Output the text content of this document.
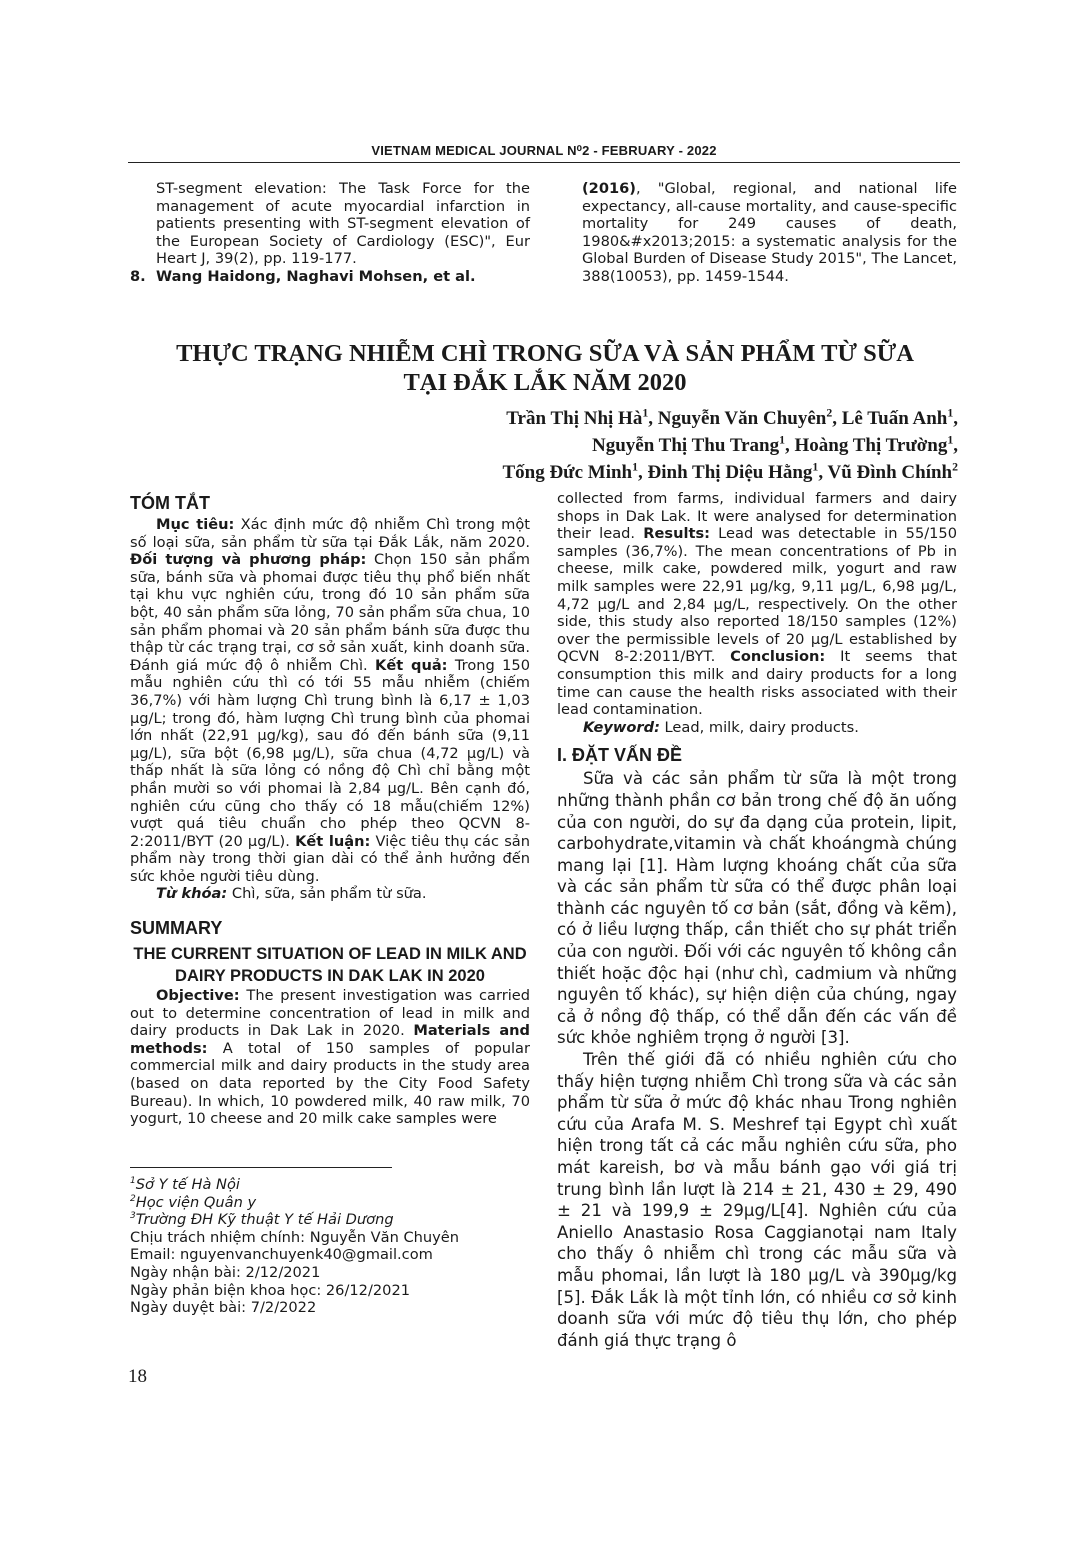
VIETNAM MEDICAL JOURNAL N⁰2 - FEBRUARY - 2022

ST-segment elevation: The Task Force for the management of acute myocardial infarction in patients presenting with ST-segment elevation of the European Society of Cardiology (ESC)", Eur Heart J, 39(2), pp. 119-177.

8. Wang Haidong, Naghavi Mohsen, et al.

(2016), "Global, regional, and national life expectancy, all-cause mortality, and cause-specific mortality for 249 causes of death, 1980&#x2013;2015: a systematic analysis for the Global Burden of Disease Study 2015", The Lancet, 388(10053), pp. 1459-1544.

THỰC TRẠNG NHIỄM CHÌ TRONG SỮA VÀ SẢN PHẨM TỪ SỮA
TẠI ĐẮK LẮK NĂM 2020
Trần Thị Nhị $Hà^1$, Nguyễn Văn Chuyên$^2$, Lê Tuấn Anh$^1$,
Nguyễn Thị Thu Trang$^1$, Hoàng Thị Trường$^1$,
Tống Đức Minh$^1$, Đinh Thị Diệu Hằng$^1$, Vũ Đình Chính$^2$
TÓM TẮT

Mục tiêu: Xác định mức độ nhiễm Chì trong một số loại sữa, sản phẩm từ sữa tại Đắk Lắk, năm 2020. Đối tượng và phương pháp: Chọn 150 sản phẩm sữa, bánh sữa và phomai được tiêu thụ phổ biến nhất tại khu vực nghiên cứu, trong đó 10 sản phẩm sữa bột, 40 sản phẩm sữa lỏng, 70 sản phẩm sữa chua, 10 sản phẩm phomai và 20 sản phẩm bánh sữa được thu thập từ các trạng trại, cơ sở sản xuất, kinh doanh sữa. Đánh giá mức độ ô nhiễm Chì. Kết quả: Trong 150 mẫu nghiên cứu thì có tới 55 mẫu nhiễm (chiếm 36,7%) với hàm lượng Chì trung bình là 6,17 ± 1,03 µg/L; trong đó, hàm lượng Chì trung bình của phomai lớn nhất (22,91 µg/kg), sau đó đến bánh sữa (9,11 µg/L), sữa bột (6,98 µg/L), sữa chua (4,72 µg/L) và thấp nhất là sữa lỏng có nồng độ Chì chỉ bằng một phần mười so với phomai là 2,84 µg/L. Bên cạnh đó, nghiên cứu cũng cho thấy có 18 mẫu(chiếm 12%) vượt quá tiêu chuẩn cho phép theo QCVN 8-2:2011/BYT (20 µg/L). Kết luận: Việc tiêu thụ các sản phẩm này trong thời gian dài có thể ảnh hưởng đến sức khỏe người tiêu dùng.

Từ khóa: Chì, sữa, sản phẩm từ sữa.

SUMMARY
THE CURRENT SITUATION OF LEAD IN MILK AND DAIRY PRODUCTS IN DAK LAK IN 2020

Objective: The present investigation was carried out to determine concentration of lead in milk and dairy products in Dak Lak in 2020. Materials and methods: A total of 150 samples of popular commercial milk and dairy products in the study area (based on data reported by the City Food Safety Bureau). In which, 10 powdered milk, 40 raw milk, 70 yogurt, 10 cheese and 20 milk cake samples were

$^1$Sở Y tế Hà Nội
$^2$Học viện Quân y
$^3$Trường ĐH Kỹ thuật Y tế Hải Dương
Chịu trách nhiệm chính: Nguyễn Văn Chuyên
Email: nguyenvanchuyenk40@gmail.com
Ngày nhận bài: 2/12/2021
Ngày phản biện khoa học: 26/12/2021
Ngày duyệt bài: 7/2/2022

collected from farms, individual farmers and dairy shops in Dak Lak. It were analysed for determination their lead. Results: Lead was detectable in 55/150 samples (36,7%). The mean concentrations of Pb in cheese, milk cake, powdered milk, yogurt and raw milk samples were 22,91 µg/kg, 9,11 µg/L, 6,98 µg/L, 4,72 µg/L and 2,84 µg/L, respectively. On the other side, this study also reported 18/150 samples (12%) over the permissible levels of 20 µg/L established by QCVN 8-2:2011/BYT. Conclusion: It seems that consumption this milk and dairy products for a long time can cause the health risks associated with their lead contamination.

Keyword: Lead, milk, dairy products.

I. ĐẶT VẤN ĐỀ

Sữa và các sản phẩm từ sữa là một trong những thành phần cơ bản trong chế độ ăn uống của con người, do sự đa dạng của protein, lipit, carbohydrate,vitamin và chất khoángmà chúng mang lại [1]. Hàm lượng khoáng chất của sữa và các sản phẩm từ sữa có thể được phân loại thành các nguyên tố cơ bản (sắt, đồng và kẽm), có ở liều lượng thấp, cần thiết cho sự phát triển của con người. Đối với các nguyên tố không cần thiết hoặc độc hại (như chì, cadmium và những nguyên tố khác), sự hiện diện của chúng, ngay cả ở nồng độ thấp, có thể dẫn đến các vấn đề sức khỏe nghiêm trọng ở người [3].

Trên thế giới đã có nhiều nghiên cứu cho thấy hiện tượng nhiễm Chì trong sữa và các sản phẩm từ sữa ở mức độ khác nhau Trong nghiên cứu của Arafa M. S. Meshref tại Egypt chì xuất hiện trong tất cả các mẫu nghiên cứu sữa, pho mát kareish, bơ và mẫu bánh gạo với giá trị trung bình lần lượt là 214 ± 21, 430 ± 29, 490 ± 21 và 199,9 ± 29µg/L[4]. Nghiên cứu của Aniello Anastasio Rosa Caggianotại nam Italy cho thấy ô nhiễm chì trong các mẫu sữa và mẫu phomai, lần lượt là 180 µg/L và 390µg/kg [5]. Đắk Lắk là một tỉnh lớn, có nhiều cơ sở kinh doanh sữa với mức độ tiêu thụ lớn, cho phép đánh giá thực trạng ô

18
